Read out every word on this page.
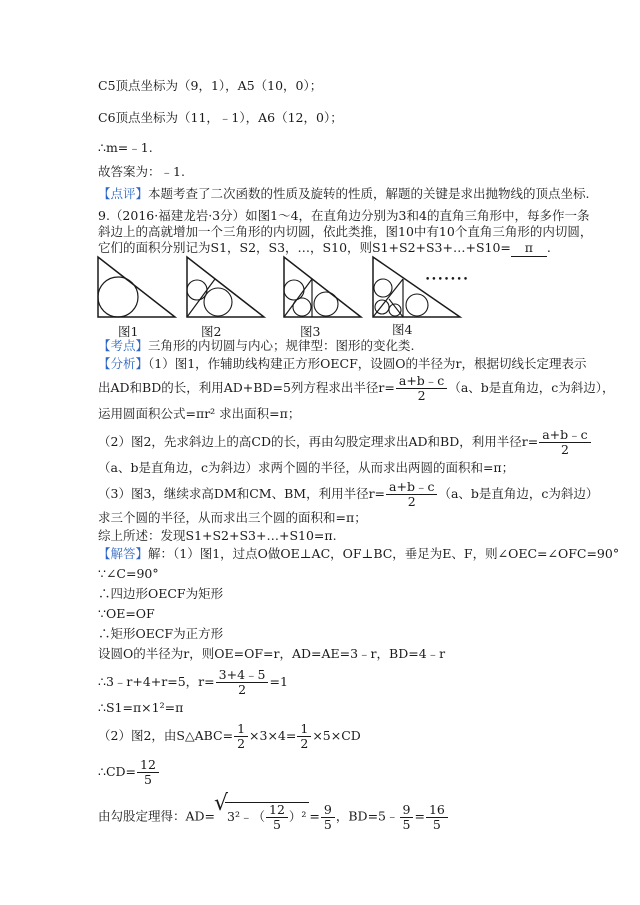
C5顶点坐标为（9，1），A5（10，0）；
C6顶点坐标为（11，﹣1），A6（12，0）；
∴m=﹣1.
故答案为：﹣1.
【点评】本题考查了二次函数的性质及旋转的性质，解题的关键是求出抛物线的顶点坐标.
9.（2016·福建龙岩·3分）如图1～4，在直角边分别为3和4的直角三角形中，每多作一条
斜边上的高就增加一个三角形的内切圆，依此类推，图10中有10个直角三角形的内切圆，
它们的面积分别记为S1，S2，S3，…，S10，则S1+S2+S3+…+S10= π .
•••••••
图1	图2	图3	图4
【考点】三角形的内切圆与内心；规律型：图形的变化类.
【分析】（1）图1，作辅助线构建正方形OECF，设圆O的半径为r，根据切线长定理表示
出AD和BD的长，利用AD+BD=5列方程求出半径$r= \frac{a+b﹣c}{2} (a$、b是直角边，c为斜边），
运用圆面积公式=πr² 求出面积=π；
（2）图2，先求斜边上的高CD的长，再由勾股定理求出AD和BD，利用半径$r= \frac{a+b﹣c}{2}$
（a、b是直角边，c为斜边）求两个圆的半径，从而求出两圆的面积和=π；
（3）图3，继续求高DM和CM、BM，利用半径$r= \frac{a+b﹣c}{2} (a$、b是直角边，c为斜边）
求三个圆的半径，从而求出三个圆的面积和=π；
综上所述：发现S1+S2+S3+…+S10=π.
【解答】解：（1）图1，过点O做OE⊥AC，OF⊥BC，垂足为E、F，则∠OEC=∠OFC=90°
∵∠C=90°
∴四边形OECF为矩形
∵OE=OF
∴矩形OECF为正方形
设圆O的半径为r，则OE=OF=r，AD=AE=3﹣r，BD=4﹣r
∴3﹣r+4+r=5，$r= \frac{3+4﹣5}{2} =1$
∴S1=π×1²=π
（2）图2，由S△ABC= $\frac{1}{2} \times 3\times 4= \frac{1}{2} \times 5\times CD$
∴CD= $\frac{12}{5}$
由勾股定理得：AD=√ 3²﹣（ $\frac{12}{5} )^2 = \frac{9}{5}$ ，BD=5﹣ $\frac{9}{5} = \frac{16}{5}$
